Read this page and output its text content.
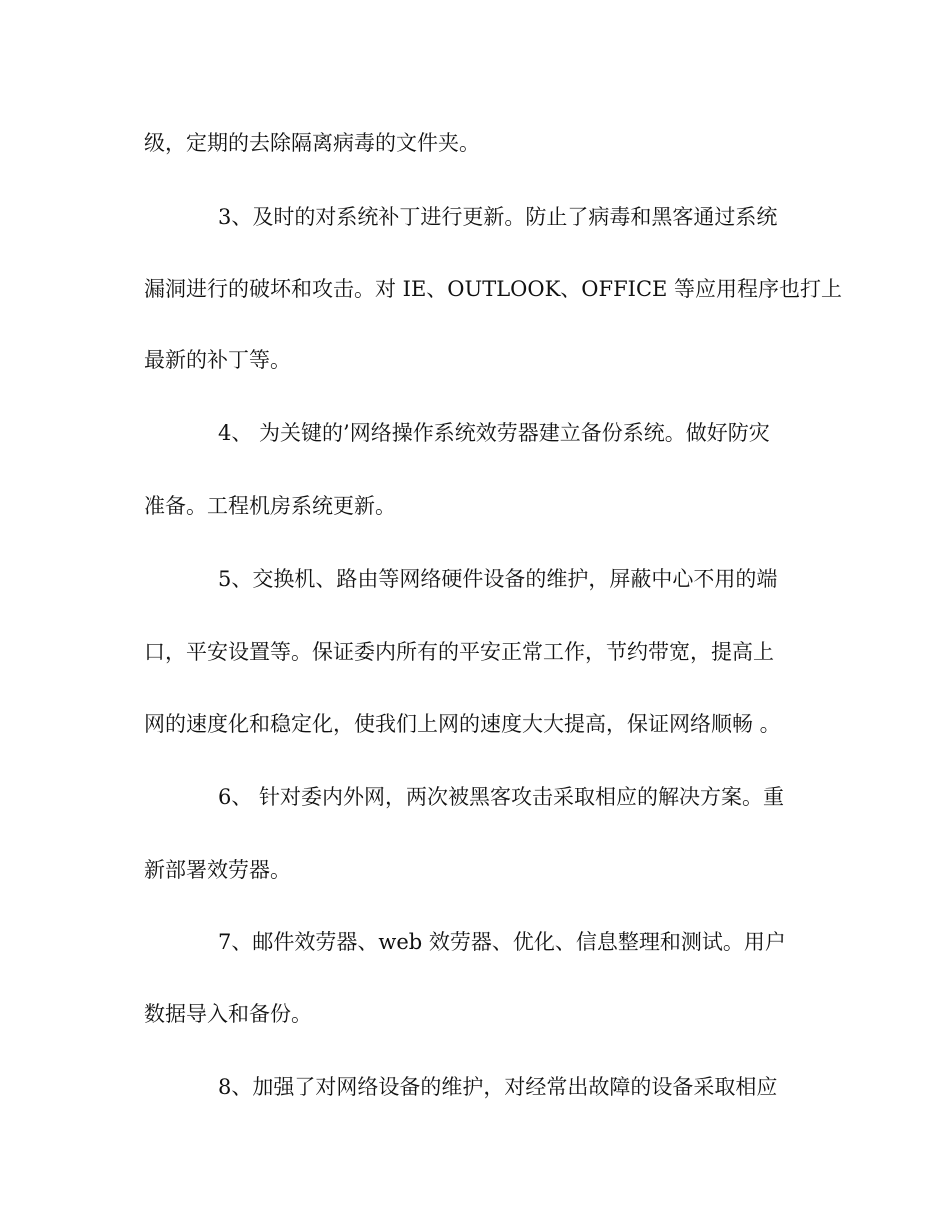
级，定期的去除隔离病毒的文件夹。
3、及时的对系统补丁进行更新。防止了病毒和黑客通过系统
漏洞进行的破坏和攻击。对 IE、OUTLOOK、OFFICE 等应用程序也打上
最新的补丁等。
4、 为关键的’网络操作系统效劳器建立备份系统。做好防灾
准备。工程机房系统更新。
5、交换机、路由等网络硬件设备的维护，屏蔽中心不用的端
口，平安设置等。保证委内所有的平安正常工作，节约带宽，提高上
网的速度化和稳定化，使我们上网的速度大大提高，保证网络顺畅 。
6、 针对委内外网，两次被黑客攻击采取相应的解决方案。重
新部署效劳器。
7、邮件效劳器、web 效劳器、优化、信息整理和测试。用户
数据导入和备份。
8、加强了对网络设备的维护，对经常出故障的设备采取相应
